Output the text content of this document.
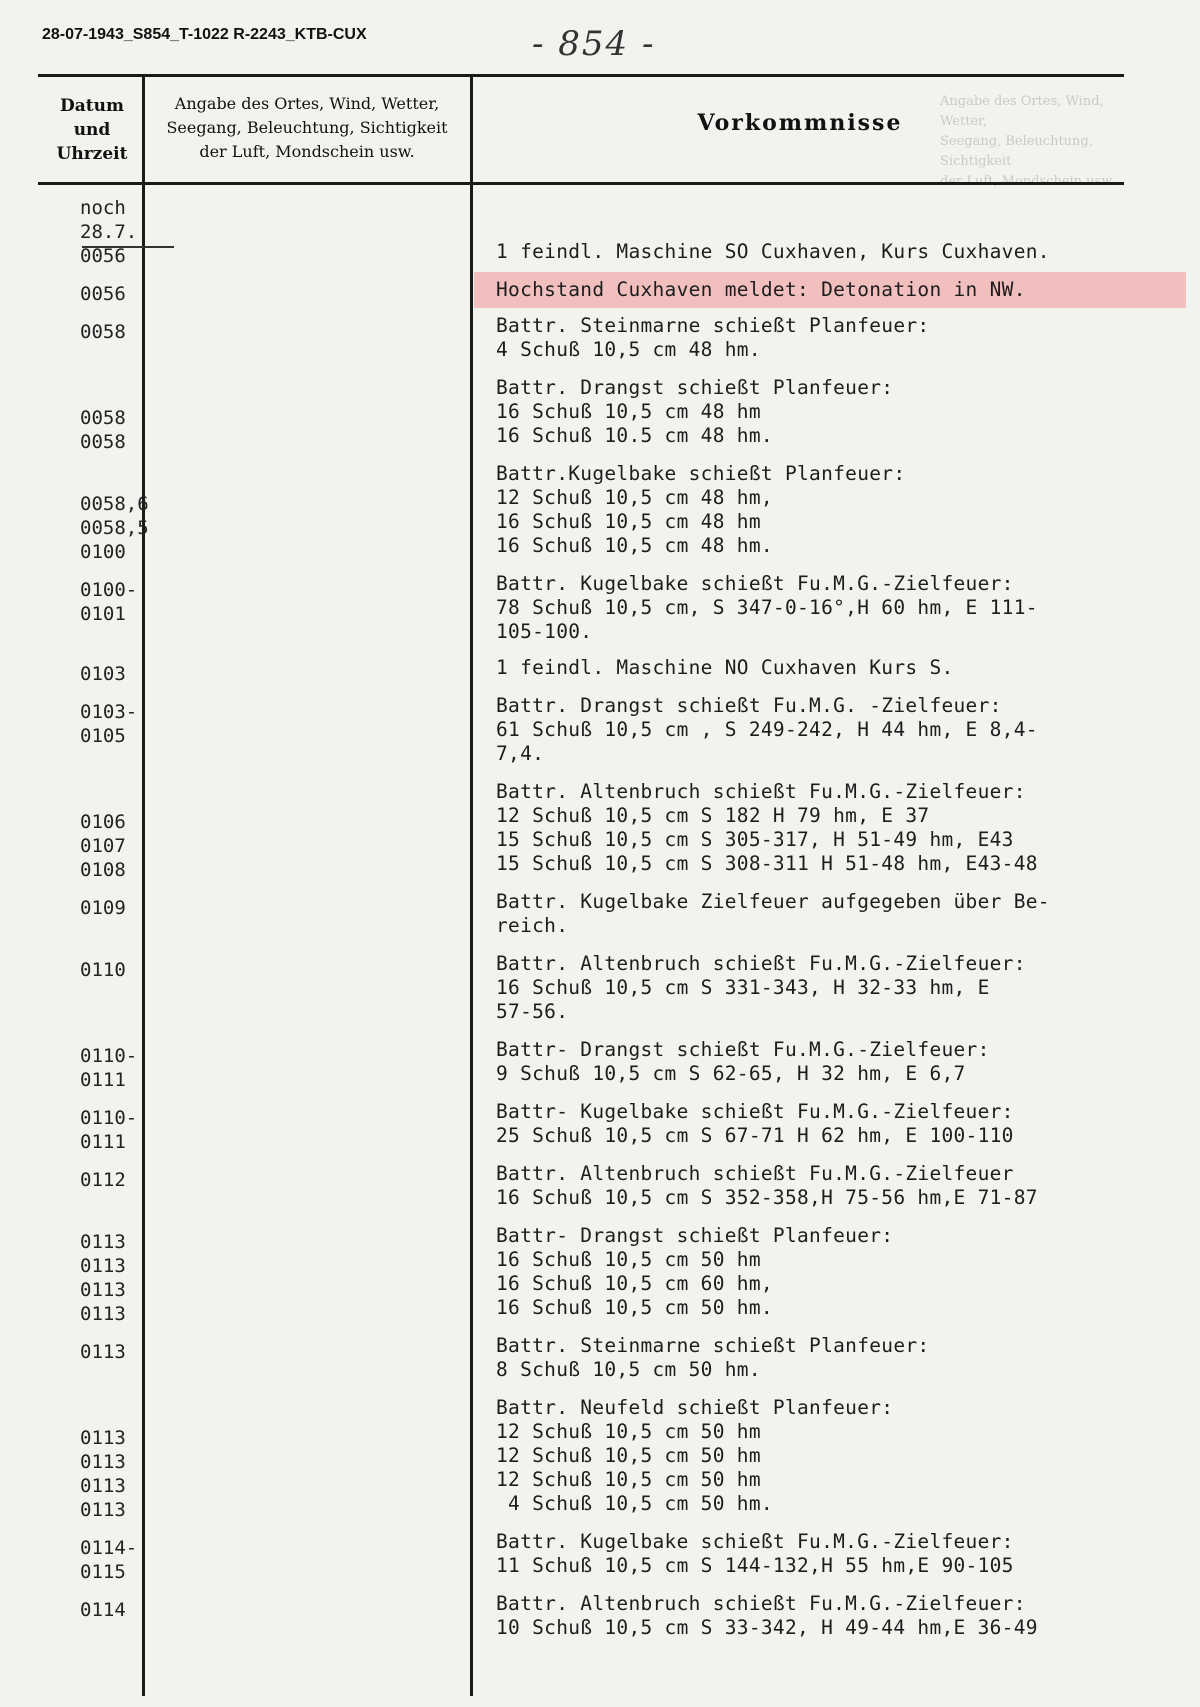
28-07-1943_S854_T-1022 R-2243_KTB-CUX	- 854 -
Angabe des Ortes, Wind, Wetter,
Seegang, Beleuchtung, Sichtigkeit
Datum
und
Uhrzeit
Angabe des Ortes, Wind, Wetter,
Seegang, Beleuchtung, Sichtigkeit
der Luft, Mondschein usw.
Vorkommnisse
noch
28.7.
0056
0056
0058
0058
0058
0058,6
0058,5
0100
0100-
0101
0103
0103-
0105
0106
0107
0108
0109
0110
0110-
0111
0110-
0111
0112
0113
0113
0113
0113
0113
0113
0113
0113
0113
0114-
0115
0114
1 feindl. Maschine SO Cuxhaven, Kurs Cuxhaven.
Hochstand Cuxhaven meldet: Detonation in NW.
Battr. Steinmarne schießt Planfeuer:
4 Schuß 10,5 cm 48 hm.
Battr. Drangst schießt Planfeuer:
16 Schuß 10,5 cm 48 hm
16 Schuß 10.5 cm 48 hm.
Battr.Kugelbake schießt Planfeuer:
12 Schuß 10,5 cm 48 hm,
16 Schuß 10,5 cm 48 hm
16 Schuß 10,5 cm 48 hm.
Battr. Kugelbake schießt Fu.M.G.-Zielfeuer:
78 Schuß 10,5 cm, S 347-0-16°,H 60 hm, E 111-
105-100.
1 feindl. Maschine NO Cuxhaven Kurs S.
Battr. Drangst schießt Fu.M.G. -Zielfeuer:
61 Schuß 10,5 cm , S 249-242, H 44 hm, E 8,4-
7,4.
Battr. Altenbruch schießt Fu.M.G.-Zielfeuer:
12 Schuß 10,5 cm S 182 H 79 hm, E 37
15 Schuß 10,5 cm S 305-317, H 51-49 hm, E43
15 Schuß 10,5 cm S 308-311 H 51-48 hm, E43-48
Battr. Kugelbake Zielfeuer aufgegeben über Be-
reich.
Battr. Altenbruch schießt Fu.M.G.-Zielfeuer:
16 Schuß 10,5 cm S 331-343, H 32-33 hm, E
57-56.
Battr- Drangst schießt Fu.M.G.-Zielfeuer:
9 Schuß 10,5 cm S 62-65, H 32 hm, E 6,7
Battr- Kugelbake schießt Fu.M.G.-Zielfeuer:
25 Schuß 10,5 cm S 67-71 H 62 hm, E 100-110
Battr. Altenbruch schießt Fu.M.G.-Zielfeuer
16 Schuß 10,5 cm S 352-358,H 75-56 hm,E 71-87
Battr- Drangst schießt Planfeuer:
16 Schuß 10,5 cm 50 hm
16 Schuß 10,5 cm 60 hm,
16 Schuß 10,5 cm 50 hm.
Battr. Steinmarne schießt Planfeuer:
8 Schuß 10,5 cm 50 hm.
Battr. Neufeld schießt Planfeuer:
12 Schuß 10,5 cm 50 hm
12 Schuß 10,5 cm 50 hm
12 Schuß 10,5 cm 50 hm
4 Schuß 10,5 cm 50 hm.
Battr. Kugelbake schießt Fu.M.G.-Zielfeuer:
11 Schuß 10,5 cm S 144-132,H 55 hm,E 90-105
Battr. Altenbruch schießt Fu.M.G.-Zielfeuer:
10 Schuß 10,5 cm S 33-342, H 49-44 hm,E 36-49
